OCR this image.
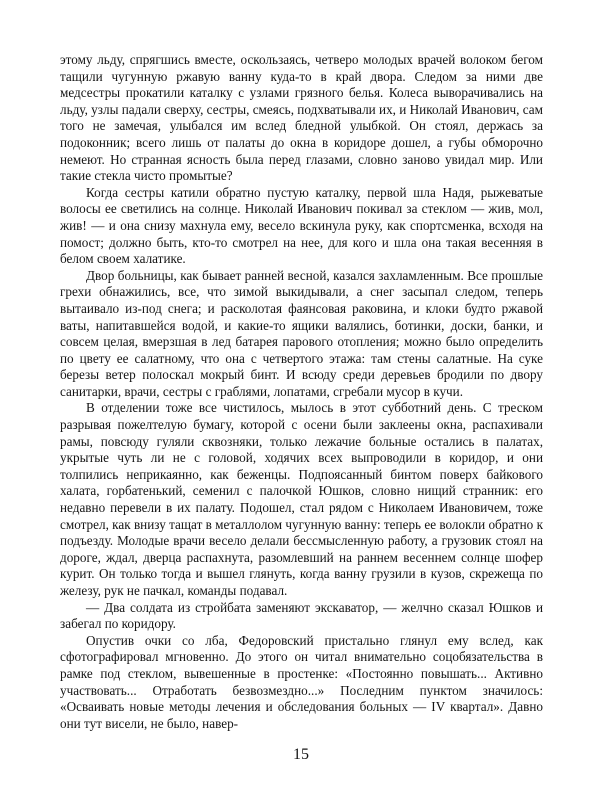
этому льду, спрягшись вместе, оскользаясь, четверо молодых врачей волоком бегом тащили чугунную ржавую ванну куда-то в край двора. Следом за ними две медсестры прокатили каталку с узлами грязного белья. Колеса выворачивались на льду, узлы падали сверху, сестры, смеясь, подхватывали их, и Николай Иванович, сам того не замечая, улыбался им вслед бледной улыбкой. Он стоял, держась за подоконник; всего лишь от палаты до окна в коридоре дошел, а губы обморочно немеют. Но странная ясность была перед глазами, словно заново увидал мир. Или такие стекла чисто промытые?

Когда сестры катили обратно пустую каталку, первой шла Надя, рыжеватые волосы ее светились на солнце. Николай Иванович покивал за стеклом — жив, мол, жив! — и она снизу махнула ему, весело вскинула руку, как спортсменка, всходя на помост; должно быть, кто-то смотрел на нее, для кого и шла она такая весенняя в белом своем халатике.

Двор больницы, как бывает ранней весной, казался захламленным. Все прошлые грехи обнажились, все, что зимой выкидывали, а снег засыпал следом, теперь вытаивало из-под снега; и расколотая фаянсовая раковина, и клоки будто ржавой ваты, напитавшейся водой, и какие-то ящики валялись, ботинки, доски, банки, и совсем целая, вмерзшая в лед батарея парового отопления; можно было определить по цвету ее салатному, что она с четвертого этажа: там стены салатные. На суке березы ветер полоскал мокрый бинт. И всюду среди деревьев бродили по двору санитарки, врачи, сестры с граблями, лопатами, сгребали мусор в кучи.

В отделении тоже все чистилось, мылось в этот субботний день. С треском разрывая пожелтелую бумагу, которой с осени были заклеены окна, распахивали рамы, повсюду гуляли сквозняки, только лежачие больные остались в палатах, укрытые чуть ли не с головой, ходячих всех выпроводили в коридор, и они толпились неприкаянно, как беженцы. Подпоясанный бинтом поверх байкового халата, горбатенький, семенил с палочкой Юшков, словно нищий странник: его недавно перевели в их палату. Подошел, стал рядом с Николаем Ивановичем, тоже смотрел, как внизу тащат в металлолом чугунную ванну: теперь ее волокли обратно к подъезду. Молодые врачи весело делали бессмысленную работу, а грузовик стоял на дороге, ждал, дверца распахнута, разомлевший на раннем весеннем солнце шофер курит. Он только тогда и вышел глянуть, когда ванну грузили в кузов, скрежеща по железу, рук не пачкал, команды подавал.

— Два солдата из стройбата заменяют экскаватор, — желчно сказал Юшков и забегал по коридору.

Опустив очки со лба, Федоровский пристально глянул ему вслед, как сфотографировал мгновенно. До этого он читал внимательно соцобязательства в рамке под стеклом, вывешенные в простенке: «Постоянно повышать... Активно участвовать... Отработать безвозмездно...» Последним пунктом значилось: «Осваивать новые методы лечения и обследования больных — IV квартал». Давно они тут висели, не было, навер-

15
